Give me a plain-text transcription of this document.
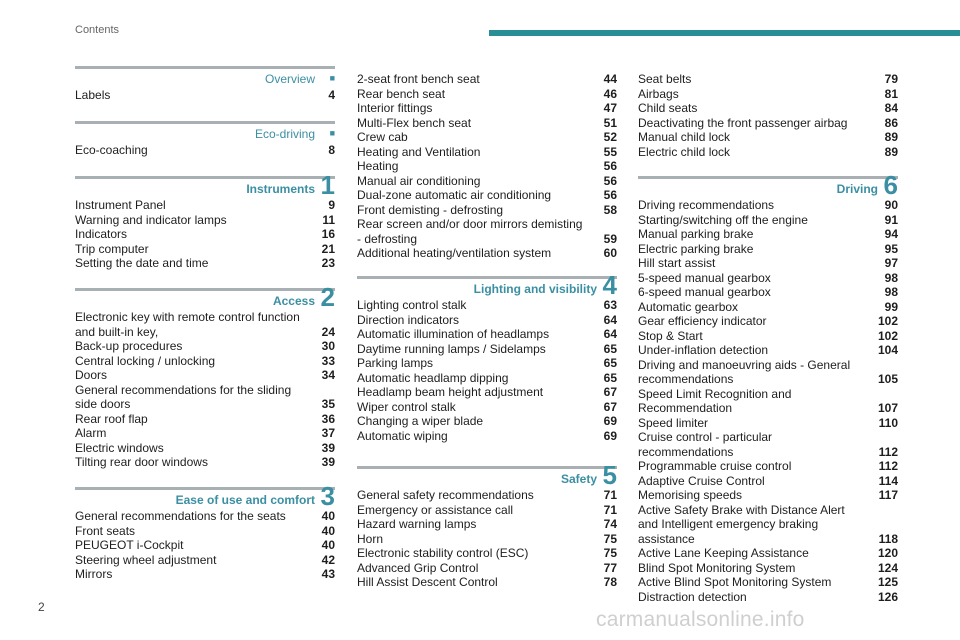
Contents
Overview	■
Labels	4
Eco-driving	■
Eco-coaching	8
Instruments 1
Instrument Panel	9
Warning and indicator lamps	11
Indicators	16
Trip computer	21
Setting the date and time	23
Access 2
Electronic key with remote control function and built-in key,	24
Back-up procedures	30
Central locking / unlocking	33
Doors	34
General recommendations for the sliding side doors	35
Rear roof flap	36
Alarm	37
Electric windows	39
Tilting rear door windows	39
Ease of use and comfort 3
General recommendations for the seats	40
Front seats	40
PEUGEOT i-Cockpit	40
Steering wheel adjustment	42
Mirrors	43
2-seat front bench seat	44
Rear bench seat	46
Interior fittings	47
Multi-Flex bench seat	51
Crew cab	52
Heating and Ventilation	55
Heating	56
Manual air conditioning	56
Dual-zone automatic air conditioning	56
Front demisting - defrosting	58
Rear screen and/or door mirrors demisting - defrosting	59
Additional heating/ventilation system	60
Lighting and visibility 4
Lighting control stalk	63
Direction indicators	64
Automatic illumination of headlamps	64
Daytime running lamps / Sidelamps	65
Parking lamps	65
Automatic headlamp dipping	65
Headlamp beam height adjustment	67
Wiper control stalk	67
Changing a wiper blade	69
Automatic wiping	69
Safety 5
General safety recommendations	71
Emergency or assistance call	71
Hazard warning lamps	74
Horn	75
Electronic stability control (ESC)	75
Advanced Grip Control	77
Hill Assist Descent Control	78
Seat belts	79
Airbags	81
Child seats	84
Deactivating the front passenger airbag	86
Manual child lock	89
Electric child lock	89
Driving 6
Driving recommendations	90
Starting/switching off the engine	91
Manual parking brake	94
Electric parking brake	95
Hill start assist	97
5-speed manual gearbox	98
6-speed manual gearbox	98
Automatic gearbox	99
Gear efficiency indicator	102
Stop & Start	102
Under-inflation detection	104
Driving and manoeuvring aids - General recommendations	105
Speed Limit Recognition and Recommendation	107
Speed limiter	110
Cruise control - particular recommendations	112
Programmable cruise control	112
Adaptive Cruise Control	114
Memorising speeds	117
Active Safety Brake with Distance Alert and Intelligent emergency braking assistance	118
Active Lane Keeping Assistance	120
Blind Spot Monitoring System	124
Active Blind Spot Monitoring System	125
Distraction detection	126
2
carmanualsonline.info
